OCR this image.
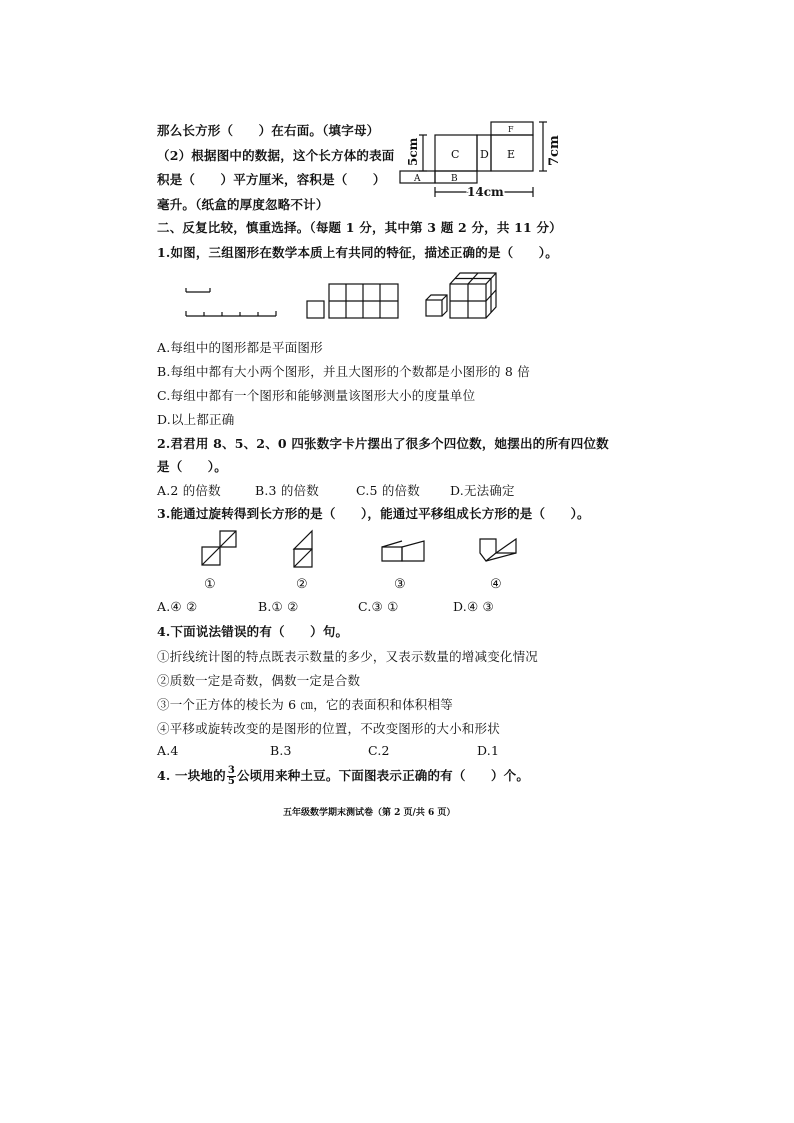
那么长方形（　　）在右面。（填字母）
（2）根据图中的数据，这个长方体的表面
积是（　　）平方厘米，容积是（　　）
毫升。（纸盒的厚度忽略不计）
C D E
F
A	B
5cm	7cm
14cm
二、反复比较，慎重选择。（每题 1 分，其中第 3 题 2 分，共 11 分）
1.如图，三组图形在数学本质上有共同的特征，描述正确的是（　　）。
A.每组中的图形都是平面图形
B.每组中都有大小两个图形，并且大图形的个数都是小图形的 8 倍
C.每组中都有一个图形和能够测量该图形大小的度量单位
D.以上都正确
2.君君用 8、5、2、0 四张数字卡片摆出了很多个四位数，她摆出的所有四位数
是（　　）。
A.2 的倍数	B.3 的倍数	C.5 的倍数 D.无法确定
3.能通过旋转得到长方形的是（　　），能通过平移组成长方形的是（　　）。
①	②	③	④
A.④ ②	B.① ②	C.③ ①	D.④ ③
4.下面说法错误的有（　　）句。
①折线统计图的特点既表示数量的多少，又表示数量的增减变化情况
②质数一定是奇数，偶数一定是合数
③一个正方体的棱长为 6 ㎝，它的表面积和体积相等
④平移或旋转改变的是图形的位置，不改变图形的大小和形状
A.4	B.3	C.2	D.1
4. 一块地的 $\frac{3}{5}$ 公顷用来种土豆。下面图表示正确的有（　　）个。
五年级数学期末测试卷（第 2 页/共 6 页）
